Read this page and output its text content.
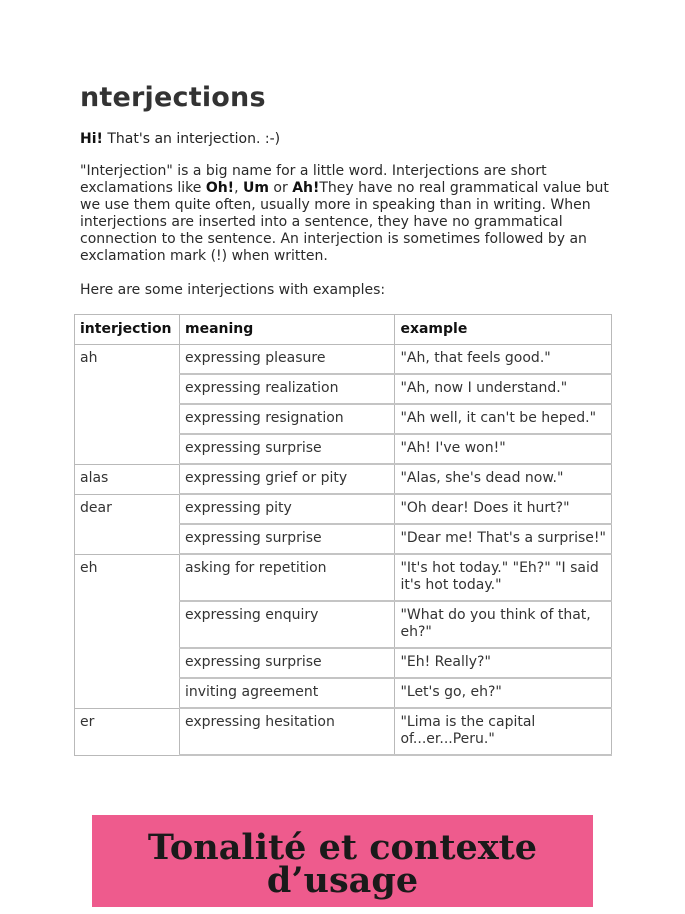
nterjections

Hi! That's an interjection. :-)

"Interjection" is a big name for a little word. Interjections are short exclamations like Oh!, Um or Ah!They have no real grammatical value but we use them quite often, usually more in speaking than in writing. When interjections are inserted into a sentence, they have no grammatical connection to the sentence. An interjection is sometimes followed by an exclamation mark (!) when written.

Here are some interjections with examples:

interjection	meaning	example
ah	expressing pleasure	"Ah, that feels good."
	expressing realization	"Ah, now I understand."
	expressing resignation	"Ah well, it can't be heped."
	expressing surprise	"Ah! I've won!"
alas	expressing grief or pity	"Alas, she's dead now."
dear	expressing pity	"Oh dear! Does it hurt?"
	expressing surprise	"Dear me! That's a surprise!"
eh	asking for repetition	"It's hot today." "Eh?" "I said it's hot today."
	expressing enquiry	"What do you think of that, eh?"
	expressing surprise	"Eh! Really?"
	inviting agreement	"Let's go, eh?"
er	expressing hesitation	"Lima is the capital of...er...Peru."
Tonalité et contexte d’usage
